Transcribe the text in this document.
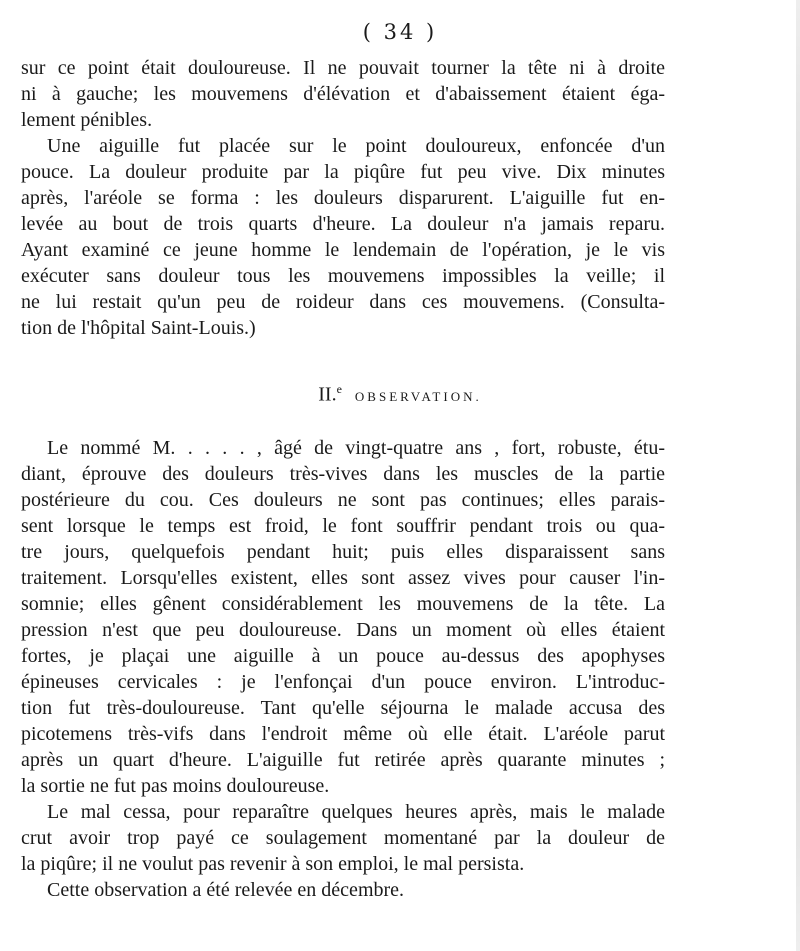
( 34 )
sur ce point était douloureuse. Il ne pouvait tourner la tête ni à droite
ni à gauche; les mouvemens d'élévation et d'abaissement étaient éga-
lement pénibles.
Une aiguille fut placée sur le point douloureux, enfoncée d'un
pouce. La douleur produite par la piqûre fut peu vive. Dix minutes
après, l'aréole se forma : les douleurs disparurent. L'aiguille fut en-
levée au bout de trois quarts d'heure. La douleur n'a jamais reparu.
Ayant examiné ce jeune homme le lendemain de l'opération, je le vis
exécuter sans douleur tous les mouvemens impossibles la veille; il
ne lui restait qu'un peu de roideur dans ces mouvemens. (Consulta-
tion de l'hôpital Saint-Louis.)
II.$^e$ OBSERVATION.
Le nommé M. . . . . , âgé de vingt-quatre ans , fort, robuste, étu-
diant, éprouve des douleurs très-vives dans les muscles de la partie
postérieure du cou. Ces douleurs ne sont pas continues; elles parais-
sent lorsque le temps est froid, le font souffrir pendant trois ou qua-
tre jours, quelquefois pendant huit; puis elles disparaissent sans
traitement. Lorsqu'elles existent, elles sont assez vives pour causer l'in-
somnie; elles gênent considérablement les mouvemens de la tête. La
pression n'est que peu douloureuse. Dans un moment où elles étaient
fortes, je plaçai une aiguille à un pouce au-dessus des apophyses
épineuses cervicales : je l'enfonçai d'un pouce environ. L'introduc-
tion fut très-douloureuse. Tant qu'elle séjourna le malade accusa des
picotemens très-vifs dans l'endroit même où elle était. L'aréole parut
après un quart d'heure. L'aiguille fut retirée après quarante minutes ;
la sortie ne fut pas moins douloureuse.
Le mal cessa, pour reparaître quelques heures après, mais le malade
crut avoir trop payé ce soulagement momentané par la douleur de
la piqûre; il ne voulut pas revenir à son emploi, le mal persista.
Cette observation a été relevée en décembre.
